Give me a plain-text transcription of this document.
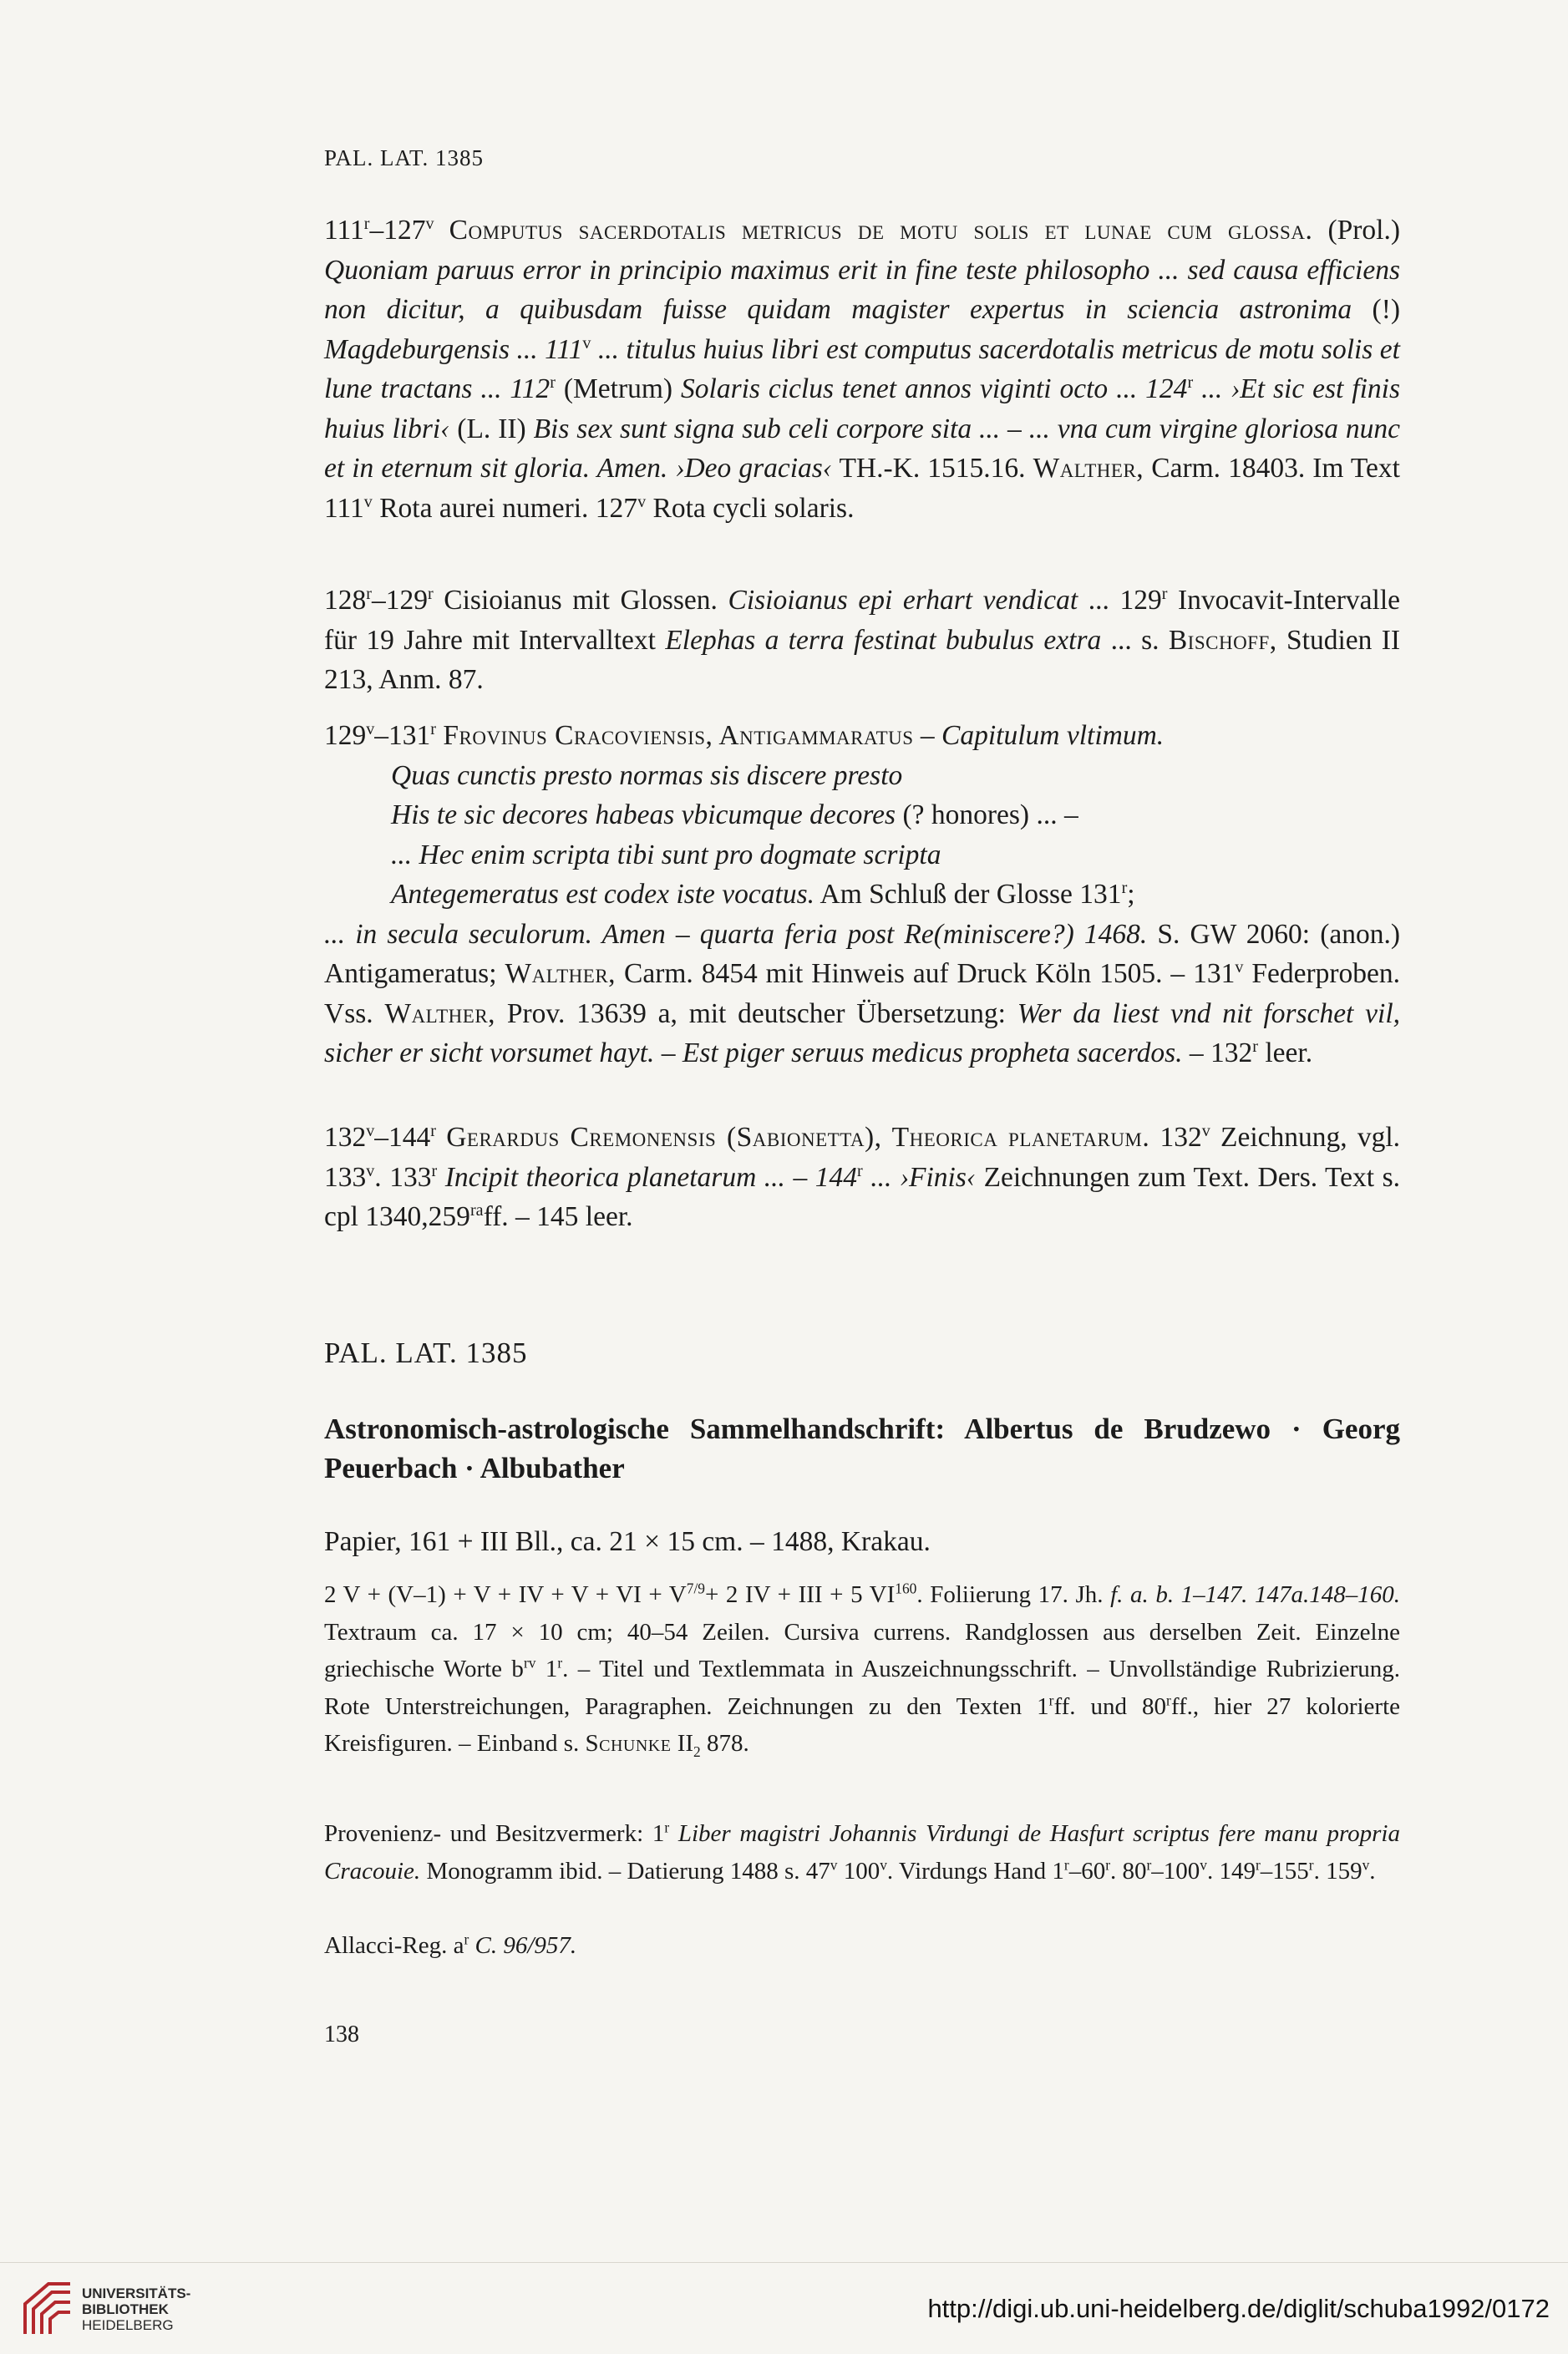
PAL. LAT. 1385

111$^r$–127$^v$ Computus sacerdotalis metricus de motu solis et lunae cum glossa. (Prol.) Quoniam paruus error in principio maximus erit in fine teste philosopho ... sed causa efficiens non dicitur, a quibusdam fuisse quidam magister expertus in sciencia astronima (!) Magdeburgensis ... 111$^v$ ... titulus huius libri est computus sacerdotalis metricus de motu solis et lune tractans ... 112$^r$ (Metrum) Solaris ciclus tenet annos viginti octo ... 124$^r$ ... ›Et sic est finis huius libri‹ (L. II) Bis sex sunt signa sub celi corpore sita ... – ... vna cum virgine gloriosa nunc et in eternum sit gloria. Amen. ›Deo gracias‹ TH.-K. 1515.16. Walther, Carm. 18403. Im Text 111$^v$ Rota aurei numeri. 127$^v$ Rota cycli solaris.

128$^r$–129$^r$ Cisioianus mit Glossen. Cisioianus epi erhart vendicat ... 129$^r$ Invocavit-Intervalle für 19 Jahre mit Intervalltext Elephas a terra festinat bubulus extra ... s. Bischoff, Studien II 213, Anm. 87.

129$^v$–131$^r$ Frovinus Cracoviensis, Antigammaratus – Capitulum vltimum.

Quas cunctis presto normas sis discere presto

His te sic decores habeas vbicumque decores (? honores) ... –

... Hec enim scripta tibi sunt pro dogmate scripta

Antegemeratus est codex iste vocatus. Am Schluß der Glosse 131$^r$;

... in secula seculorum. Amen – quarta feria post Re(miniscere?) 1468. S. GW 2060: (anon.) Antigameratus; Walther, Carm. 8454 mit Hinweis auf Druck Köln 1505. – 131$^v$ Federproben. Vss. Walther, Prov. 13639 a, mit deutscher Übersetzung: Wer da liest vnd nit forschet vil, sicher er sicht vorsumet hayt. – Est piger seruus medicus propheta sacerdos. – 132$^r$ leer.

132$^v$–144$^r$ Gerardus Cremonensis (Sabionetta), Theorica planetarum. 132$^v$ Zeichnung, vgl. 133$^v$. 133$^r$ Incipit theorica planetarum ... – 144$^r$ ... ›Finis‹ Zeichnungen zum Text. Ders. Text s. cpl $1340,259^{ra}ff$. – 145 leer.

PAL. LAT. 1385
Astronomisch-astrologische Sammelhandschrift: Albertus de Brudzewo · Georg Peuerbach · Albubather
Papier, 161 + III Bll., ca. 21 × 15 cm. – 1488, Krakau.
2 V + (V–1) + V + IV + V + VI + $V^{7/9}+ 2$ IV + III + 5 VI$^{160}$. Foliierung 17. Jh. f. a. b. 1–147. 147a.148–160. Textraum ca. 17 × 10 cm; 40–54 Zeilen. Cursiva currens. Randglossen aus derselben Zeit. Einzelne griechische Worte $b^{rv}$ 1$^r$. – Titel und Textlemmata in Auszeichnungsschrift. – Unvollständige Rubrizierung. Rote Unterstreichungen, Paragraphen. Zeichnungen zu den Texten 1$^r$ff. und 80$^r$ff., hier 27 kolorierte Kreisfiguren. – Einband s. Schunke $II_2$ 878.
Provenienz- und Besitzvermerk: 1$^r$ Liber magistri Johannis Virdungi de Hasfurt scriptus fere manu propria Cracouie. Monogramm ibid. – Datierung 1488 s. 47$^v$ 100$^v$. Virdungs Hand 1$^r$–60$^r$. 80$^r$–100$^v$. 149$^r$–155$^r$. 159$^v$.
Allacci-Reg. $a^r$ C. 96/957.
138
UNIVERSITÄTS-
BIBLIOTHEK
HEIDELBERG
http://digi.ub.uni-heidelberg.de/diglit/schuba1992/0172
